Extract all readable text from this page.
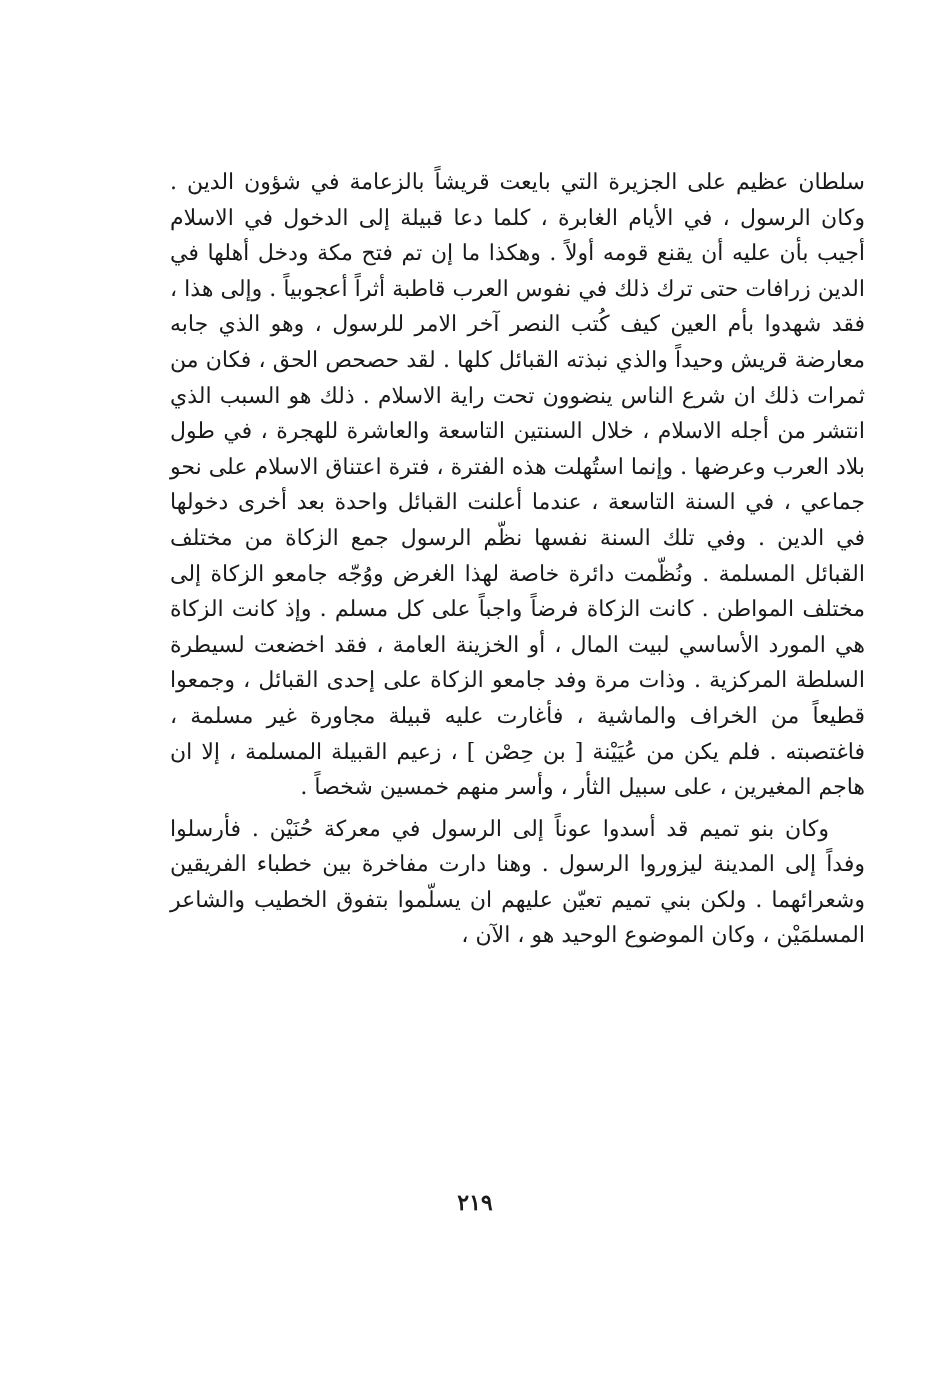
سلطان عظيم على الجزيرة التي بايعت قريشاً بالزعامة في شؤون الدين . وكان الرسول ، في الأيام الغابرة ، كلما دعا قبيلة إلى الدخول في الاسلام أجيب بأن عليه أن يقنع قومه أولاً . وهكذا ما إن تم فتح مكة ودخل أهلها في الدين زرافات حتى ترك ذلك في نفوس العرب قاطبة أثراً أعجوبياً . وإلى هذا ، فقد شهدوا بأم العين كيف كُتب النصر آخر الامر للرسول ، وهو الذي جابه معارضة قريش وحيداً والذي نبذته القبائل كلها . لقد حصحص الحق ، فكان من ثمرات ذلك ان شرع الناس ينضوون تحت راية الاسلام . ذلك هو السبب الذي انتشر من أجله الاسلام ، خلال السنتين التاسعة والعاشرة للهجرة ، في طول بلاد العرب وعرضها . وإنما استُهلت هذه الفترة ، فترة اعتناق الاسلام على نحو جماعي ، في السنة التاسعة ، عندما أعلنت القبائل واحدة بعد أخرى دخولها في الدين . وفي تلك السنة نفسها نظّم الرسول جمع الزكاة من مختلف القبائل المسلمة . ونُظّمت دائرة خاصة لهذا الغرض ووُجّه جامعو الزكاة إلى مختلف المواطن . كانت الزكاة فرضاً واجباً على كل مسلم . وإذ كانت الزكاة هي المورد الأساسي لبيت المال ، أو الخزينة العامة ، فقد اخضعت لسيطرة السلطة المركزية . وذات مرة وفد جامعو الزكاة على إحدى القبائل ، وجمعوا قطيعاً من الخراف والماشية ، فأغارت عليه قبيلة مجاورة غير مسلمة ، فاغتصبته . فلم يكن من عُيَيْنة [ بن حِصْن ] ، زعيم القبيلة المسلمة ، إلا ان هاجم المغيرين ، على سبيل الثأر ، وأسر منهم خمسين شخصاً .

وكان بنو تميم قد أسدوا عوناً إلى الرسول في معركة حُنَيْن . فأرسلوا وفداً إلى المدينة ليزوروا الرسول . وهنا دارت مفاخرة بين خطباء الفريقين وشعرائهما . ولكن بني تميم تعيّن عليهم ان يسلّموا بتفوق الخطيب والشاعر المسلمَيْن ، وكان الموضوع الوحيد هو ، الآن ،

٢١٩
